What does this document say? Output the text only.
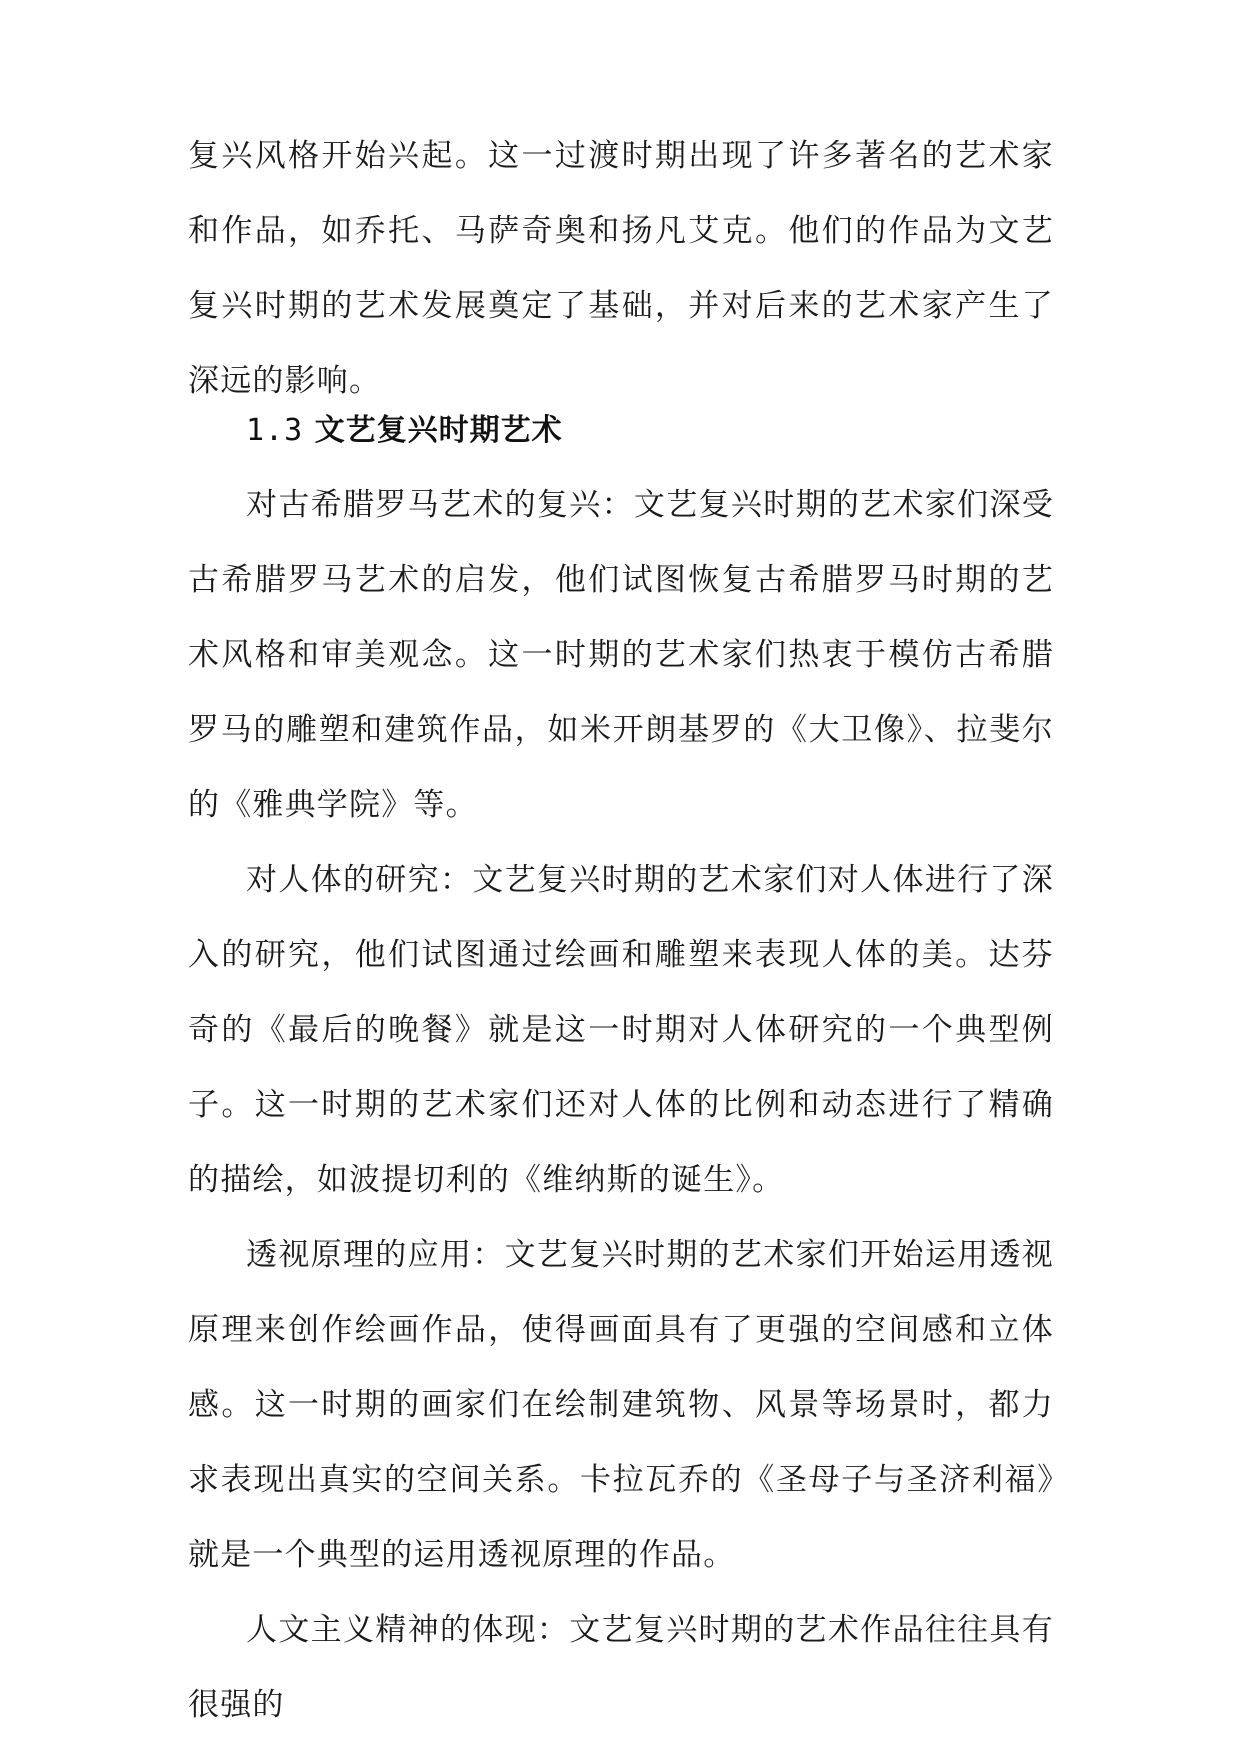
复兴风格开始兴起。这一过渡时期出现了许多著名的艺术家和作品，如乔托、马萨奇奥和扬凡艾克。他们的作品为文艺复兴时期的艺术发展奠定了基础，并对后来的艺术家产生了深远的影响。

1.3 文艺复兴时期艺术

对古希腊罗马艺术的复兴：文艺复兴时期的艺术家们深受古希腊罗马艺术的启发，他们试图恢复古希腊罗马时期的艺术风格和审美观念。这一时期的艺术家们热衷于模仿古希腊罗马的雕塑和建筑作品，如米开朗基罗的《大卫像》、拉斐尔的《雅典学院》等。

对人体的研究：文艺复兴时期的艺术家们对人体进行了深入的研究，他们试图通过绘画和雕塑来表现人体的美。达芬奇的《最后的晚餐》就是这一时期对人体研究的一个典型例子。这一时期的艺术家们还对人体的比例和动态进行了精确的描绘，如波提切利的《维纳斯的诞生》。

透视原理的应用：文艺复兴时期的艺术家们开始运用透视原理来创作绘画作品，使得画面具有了更强的空间感和立体感。这一时期的画家们在绘制建筑物、风景等场景时，都力求表现出真实的空间关系。卡拉瓦乔的《圣母子与圣济利福》就是一个典型的运用透视原理的作品。

人文主义精神的体现：文艺复兴时期的艺术作品往往具有很强的
